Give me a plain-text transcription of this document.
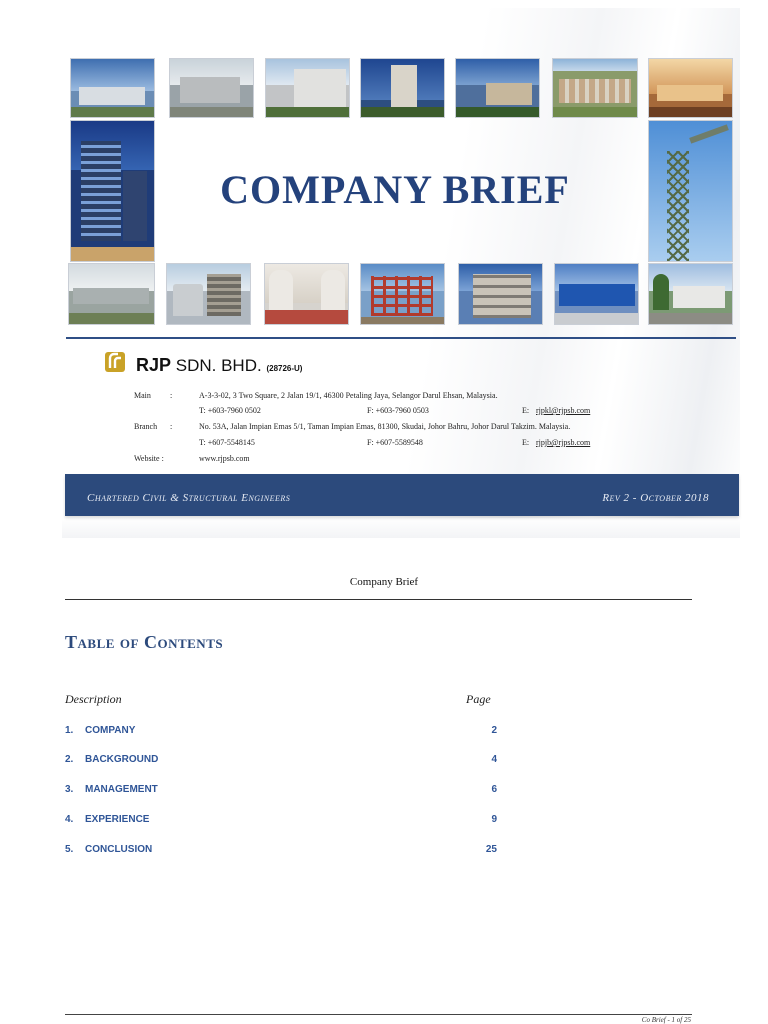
COMPANY BRIEF
RJP SDN. BHD. (28726-U)
Main :	A-3-3-02, 3 Two Square, 2 Jalan 19/1, 46300 Petaling Jaya, Selangor Darul Ehsan, Malaysia.
T: +603-7960 0502	F: +603-7960 0503	E: rjpkl@rjpsb.com
Branch :	No. 53A, Jalan Impian Emas 5/1, Taman Impian Emas, 81300, Skudai, Johor Bahru, Johor Darul Takzim. Malaysia.
T: +607-5548145	F: +607-5589548	E: rjpjb@rjpsb.com
Website :	www.rjpsb.com
Chartered Civil & Structural Engineers	Rev 2 - October 2018
Company Brief
Table of Contents
Description	Page
1. COMPANY	2
2. BACKGROUND	4
3. MANAGEMENT	6
4. EXPERIENCE	9
5. CONCLUSION	25
Co Brief - 1 of 25
